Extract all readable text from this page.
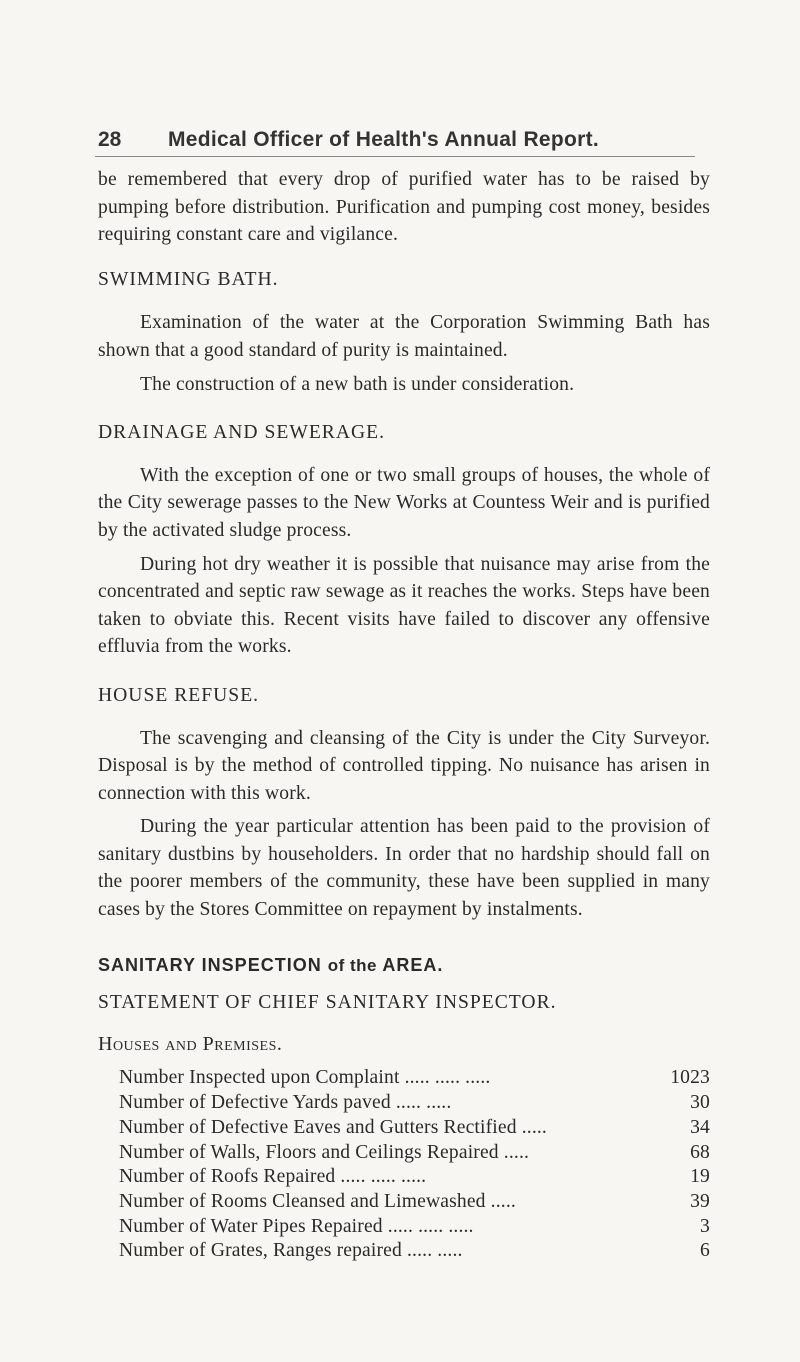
28	Medical Officer of Health's Annual Report.

be remembered that every drop of purified water has to be raised by pumping before distribution. Purification and pumping cost money, besides requiring constant care and vigilance.

SWIMMING BATH.

Examination of the water at the Corporation Swimming Bath has shown that a good standard of purity is maintained.

The construction of a new bath is under consideration.

DRAINAGE AND SEWERAGE.

With the exception of one or two small groups of houses, the whole of the City sewerage passes to the New Works at Countess Weir and is purified by the activated sludge process.

During hot dry weather it is possible that nuisance may arise from the concentrated and septic raw sewage as it reaches the works. Steps have been taken to obviate this. Recent visits have failed to discover any offensive effluvia from the works.

HOUSE REFUSE.

The scavenging and cleansing of the City is under the City Surveyor. Disposal is by the method of controlled tipping. No nuisance has arisen in connection with this work.

During the year particular attention has been paid to the provision of sanitary dustbins by householders. In order that no hardship should fall on the poorer members of the community, these have been supplied in many cases by the Stores Committee on repayment by instalments.

SANITARY INSPECTION of the AREA.

STATEMENT OF CHIEF SANITARY INSPECTOR.

Houses and Premises.

Number Inspected upon Complaint ..... ..... .....	1023
Number of Defective Yards paved ..... .....	30
Number of Defective Eaves and Gutters Rectified .....	34
Number of Walls, Floors and Ceilings Repaired .....	68
Number of Roofs Repaired ..... ..... .....	19
Number of Rooms Cleansed and Limewashed .....	39
Number of Water Pipes Repaired ..... ..... .....	3
Number of Grates, Ranges repaired ..... .....	6
